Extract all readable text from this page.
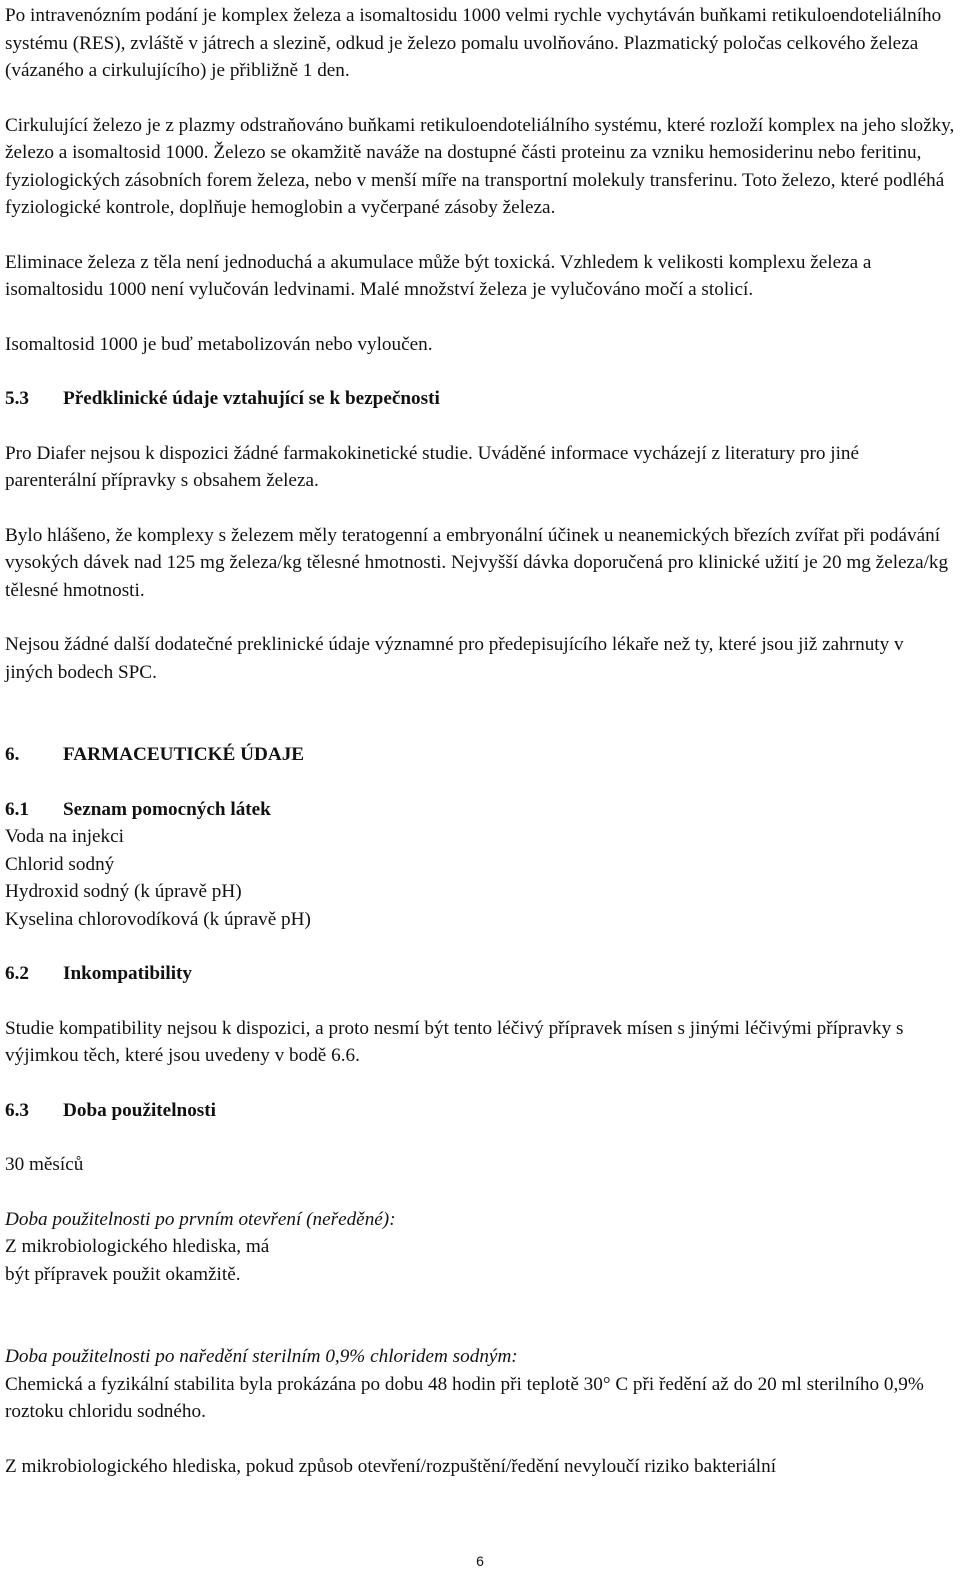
Po intravenózním podání je komplex železa a isomaltosidu 1000 velmi rychle vychytáván buňkami retikuloendoteliálního systému (RES), zvláště v játrech a slezině, odkud je železo pomalu uvolňováno. Plazmatický poločas celkového železa (vázaného a cirkulujícího) je přibližně 1 den.

Cirkulující železo je z plazmy odstraňováno buňkami retikuloendoteliálního systému, které rozloží komplex na jeho složky, železo a isomaltosid 1000. Železo se okamžitě naváže na dostupné části proteinu za vzniku hemosiderinu nebo feritinu, fyziologických zásobních forem železa, nebo v menší míře na transportní molekuly transferinu. Toto železo, které podléhá fyziologické kontrole, doplňuje hemoglobin a vyčerpané zásoby železa.

Eliminace železa z těla není jednoduchá a akumulace může být toxická. Vzhledem k velikosti komplexu železa a isomaltosidu 1000 není vylučován ledvinami. Malé množství železa je vylučováno močí a stolicí.

Isomaltosid 1000 je buď metabolizován nebo vyloučen.

5.3 Předklinické údaje vztahující se k bezpečnosti

Pro Diafer nejsou k dispozici žádné farmakokinetické studie. Uváděné informace vycházejí z literatury pro jiné parenterální přípravky s obsahem železa.

Bylo hlášeno, že komplexy s železem měly teratogenní a embryonální účinek u neanemických březích zvířat při podávání vysokých dávek nad 125 mg železa/kg tělesné hmotnosti. Nejvyšší dávka doporučená pro klinické užití je 20 mg železa/kg tělesné hmotnosti.

Nejsou žádné další dodatečné preklinické údaje významné pro předepisujícího lékaře než ty, které jsou již zahrnuty v jiných bodech SPC.

6. FARMACEUTICKÉ ÚDAJE

6.1 Seznam pomocných látek

Voda na injekci
Chlorid sodný
Hydroxid sodný (k úpravě pH)
Kyselina chlorovodíková (k úpravě pH)

6.2 Inkompatibility

Studie kompatibility nejsou k dispozici, a proto nesmí být tento léčivý přípravek mísen s jinými léčivými přípravky s výjimkou těch, které jsou uvedeny v bodě 6.6.

6.3 Doba použitelnosti

30 měsíců

Doba použitelnosti po prvním otevření (neředěné):
Z mikrobiologického hlediska, má
být přípravek použit okamžitě.
Doba použitelnosti po naředění sterilním 0,9% chloridem sodným:
Chemická a fyzikální stabilita byla prokázána po dobu 48 hodin při teplotě 30° C při ředění až do 20 ml sterilního 0,9% roztoku chloridu sodného.

Z mikrobiologického hlediska, pokud způsob otevření/rozpuštění/ředění nevyloučí riziko bakteriální

6
